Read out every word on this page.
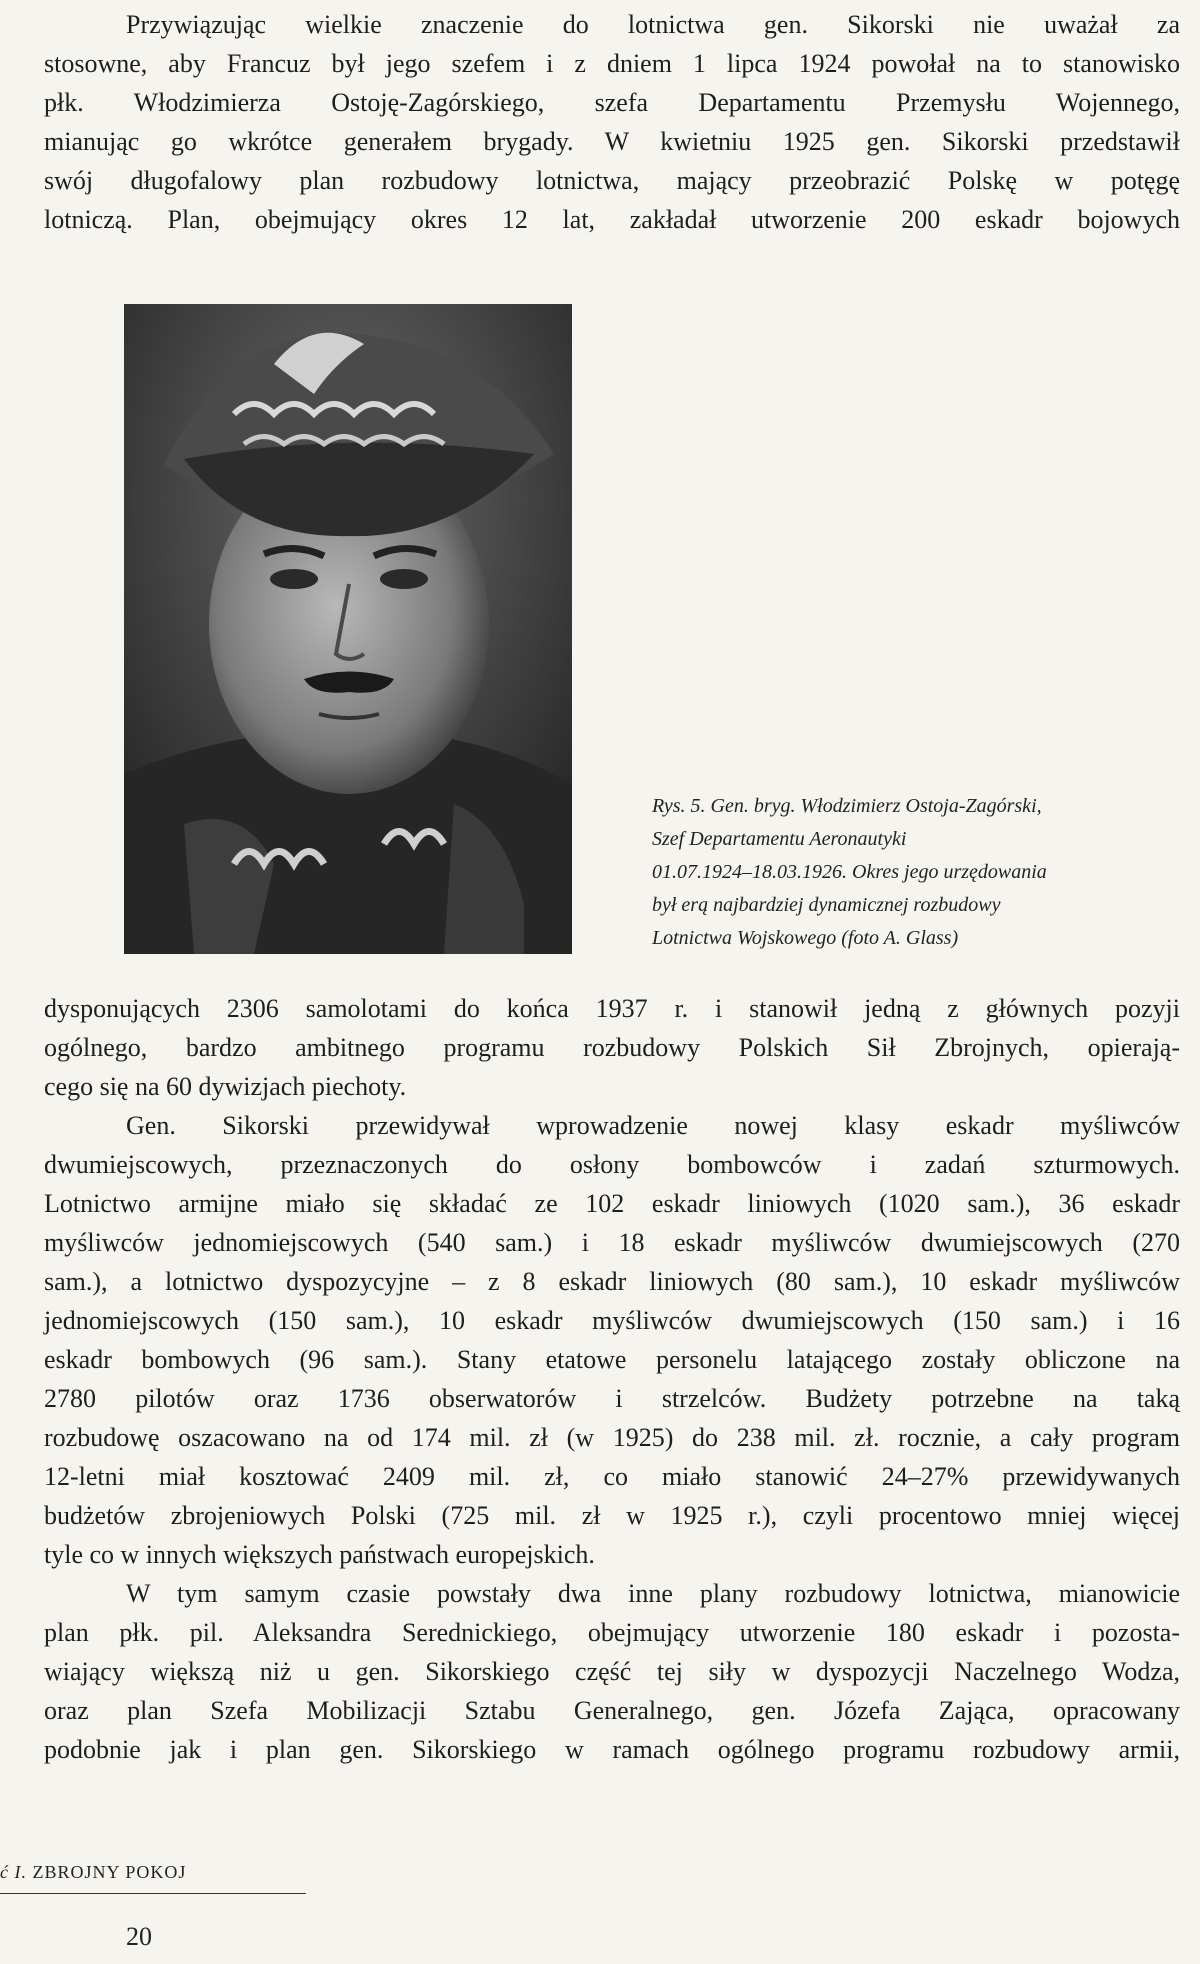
Przywiązując wielkie znaczenie do lotnictwa gen. Sikorski nie uważał za

stosowne, aby Francuz był jego szefem i z dniem 1 lipca 1924 powołał na to stanowisko

płk. Włodzimierza Ostoję-Zagórskiego, szefa Departamentu Przemysłu Wojennego,

mianując go wkrótce generałem brygady. W kwietniu 1925 gen. Sikorski przedstawił

swój długofalowy plan rozbudowy lotnictwa, mający przeobrazić Polskę w potęgę

lotniczą. Plan, obejmujący okres 12 lat, zakładał utworzenie 200 eskadr bojowych

Rys. 5. Gen. bryg. Włodzimierz Ostoja-Zagórski,
Szef Departamentu Aeronautyki
01.07.1924–18.03.1926. Okres jego urzędowania
był erą najbardziej dynamicznej rozbudowy
Lotnictwa Wojskowego (foto A. Glass)

dysponujących 2306 samolotami do końca 1937 r. i stanowił jedną z głównych pozyji

ogólnego, bardzo ambitnego programu rozbudowy Polskich Sił Zbrojnych, opierają-

cego się na 60 dywizjach piechoty.

Gen. Sikorski przewidywał wprowadzenie nowej klasy eskadr myśliwców

dwumiejscowych, przeznaczonych do osłony bombowców i zadań szturmowych.

Lotnictwo armijne miało się składać ze 102 eskadr liniowych (1020 sam.), 36 eskadr

myśliwców jednomiejscowych (540 sam.) i 18 eskadr myśliwców dwumiejscowych (270

sam.), a lotnictwo dyspozycyjne – z 8 eskadr liniowych (80 sam.), 10 eskadr myśliwców

jednomiejscowych (150 sam.), 10 eskadr myśliwców dwumiejscowych (150 sam.) i 16

eskadr bombowych (96 sam.). Stany etatowe personelu latającego zostały obliczone na

2780 pilotów oraz 1736 obserwatorów i strzelców. Budżety potrzebne na taką

rozbudowę oszacowano na od 174 mil. zł (w 1925) do 238 mil. zł. rocznie, a cały program

12-letni miał kosztować 2409 mil. zł, co miało stanowić 24–27% przewidywanych

budżetów zbrojeniowych Polski (725 mil. zł w 1925 r.), czyli procentowo mniej więcej

tyle co w innych większych państwach europejskich.

W tym samym czasie powstały dwa inne plany rozbudowy lotnictwa, mianowicie

plan płk. pil. Aleksandra Serednickiego, obejmujący utworzenie 180 eskadr i pozosta-

wiający większą niż u gen. Sikorskiego część tej siły w dyspozycji Naczelnego Wodza,

oraz plan Szefa Mobilizacji Sztabu Generalnego, gen. Józefa Zająca, opracowany

podobnie jak i plan gen. Sikorskiego w ramach ogólnego programu rozbudowy armii,

ć I. ZBROJNY POKOJ
20
